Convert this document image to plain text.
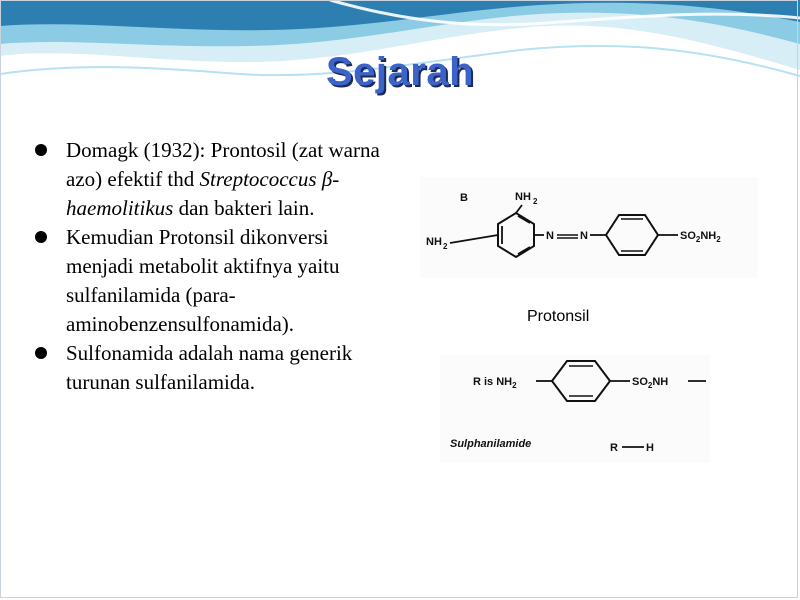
Sejarah
Domagk (1932): Prontosil (zat warna azo) efektif thd Streptococcus β-haemolitikus dan bakteri lain.
Kemudian Protonsil dikonversi menjadi metabolit aktifnya yaitu sulfanilamida (para-aminobenzensulfonamida).
Sulfonamida adalah nama generik turunan sulfanilamida.
B	NH 2
NH 2
N N	$SO_2NH_2$
Protonsil
R is $NH_2$	$SO_2NH$
Sulphanilamide	R	H
